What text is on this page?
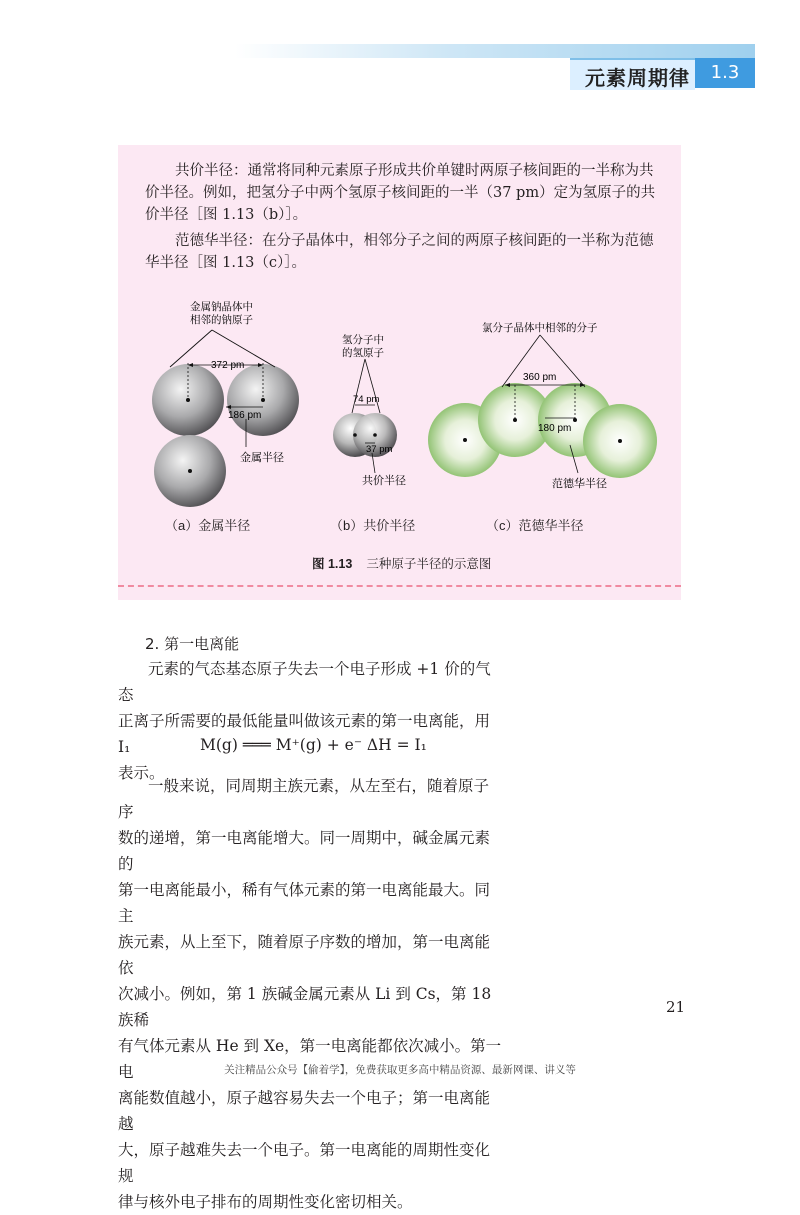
元素周期律	1.3
共价半径：通常将同种元素原子形成共价单键时两原子核间距的一半称为共价半径。例如，把氢分子中两个氢原子核间距的一半（37 pm）定为氢原子的共价半径［图 1.13（b）］。
范德华半径：在分子晶体中，相邻分子之间的两原子核间距的一半称为范德华半径［图 1.13（c）］。
金属钠晶体中
相邻的钠原子
372 pm
186 pm
金属半径
氢分子中
的氢原子
74 pm
37 pm
共价半径
氯分子晶体中相邻的分子
360 pm
180 pm
范德华半径
（a）金属半径	（b）共价半径	（c）范德华半径
图 1.13 三种原子半径的示意图
2. 第一电离能
元素的气态基态原子失去一个电子形成 +1 价的气态
正离子所需要的最低能量叫做该元素的第一电离能，用 I₁
表示。
M(g) ═══ M⁺(g) + e⁻ ΔH = I₁
一般来说，同周期主族元素，从左至右，随着原子序
数的递增，第一电离能增大。同一周期中，碱金属元素的
第一电离能最小，稀有气体元素的第一电离能最大。同主
族元素，从上至下，随着原子序数的增加，第一电离能依
次减小。例如，第 1 族碱金属元素从 Li 到 Cs，第 18 族稀
有气体元素从 He 到 Xe，第一电离能都依次减小。第一电
离能数值越小，原子越容易失去一个电子；第一电离能越
大，原子越难失去一个电子。第一电离能的周期性变化规
律与核外电子排布的周期性变化密切相关。
21
关注精品公众号【偷着学】，免费获取更多高中精品资源、最新网课、讲义等
